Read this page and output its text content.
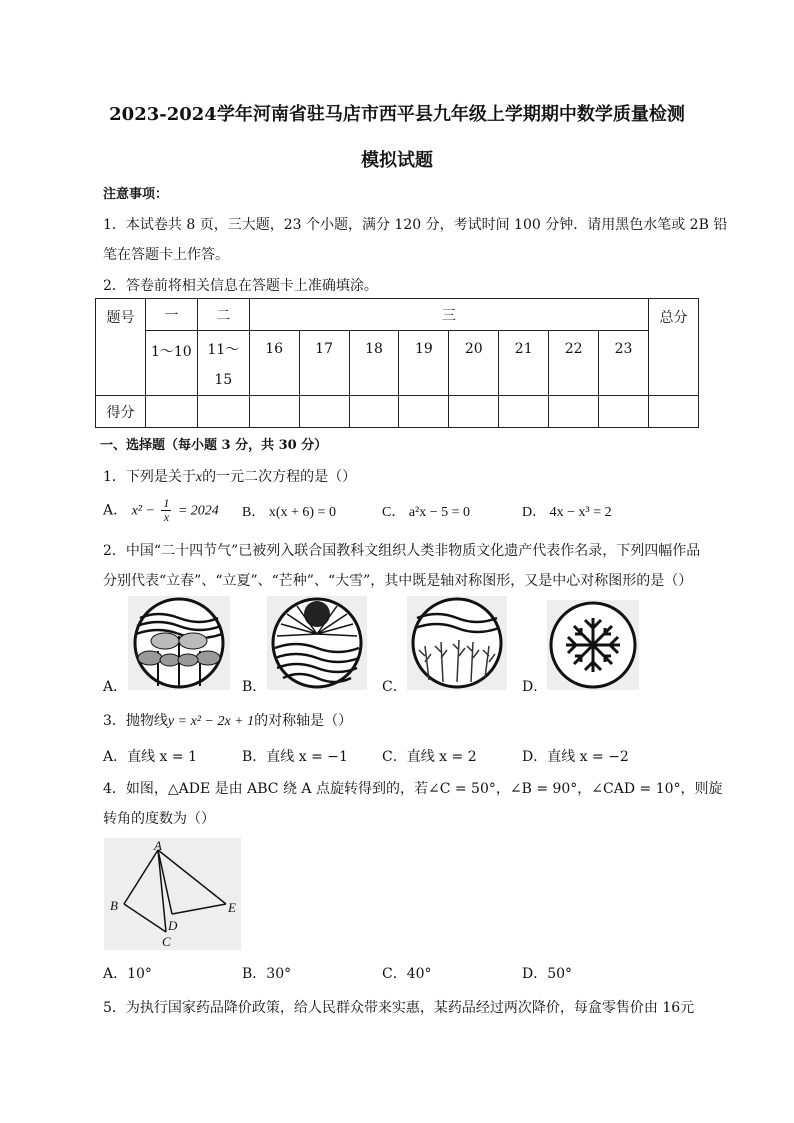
2023-2024学年河南省驻马店市西平县九年级上学期期中数学质量检测
模拟试题
注意事项：
1．本试卷共 8 页，三大题，23 个小题，满分 120 分，考试时间 100 分钟．请用黑色水笔或 2B 铅
笔在答题卡上作答。
2．答卷前将相关信息在答题卡上准确填涂。
题号	一	二	三								总分
	1～10	11～
15	16	17	18	19	20	21	22	23	
得分											
一、选择题（每小题 3 分，共 30 分）
1．下列是关于x的一元二次方程的是（）
A． $x^2 - \frac{1}{x} = 2024$ B． x(x + 6) = 0	C． a²x − 5 = 0	D． 4x − x³ = 2
2．中国“二十四节气”已被列入联合国教科文组织人类非物质文化遗产代表作名录，下列四幅作品
分别代表“立春”、“立夏”、“芒种”、“大雪”，其中既是轴对称图形，又是中心对称图形的是（）
A．	B．	C．	D．
3．抛物线y = x² − 2x + 1的对称轴是（）
A．直线 x = 1	B．直线 x = −1 C．直线 x = 2	D．直线 x = −2
4．如图，△ADE 是由 ABC 绕 A 点旋转得到的，若∠C = 50°，∠B = 90°，∠CAD = 10°，则旋
转角的度数为（）
A
B
C
D
E
A．10°	B．30°	C．40°	D．50°
5．为执行国家药品降价政策，给人民群众带来实惠，某药品经过两次降价，每盒零售价由 16元
